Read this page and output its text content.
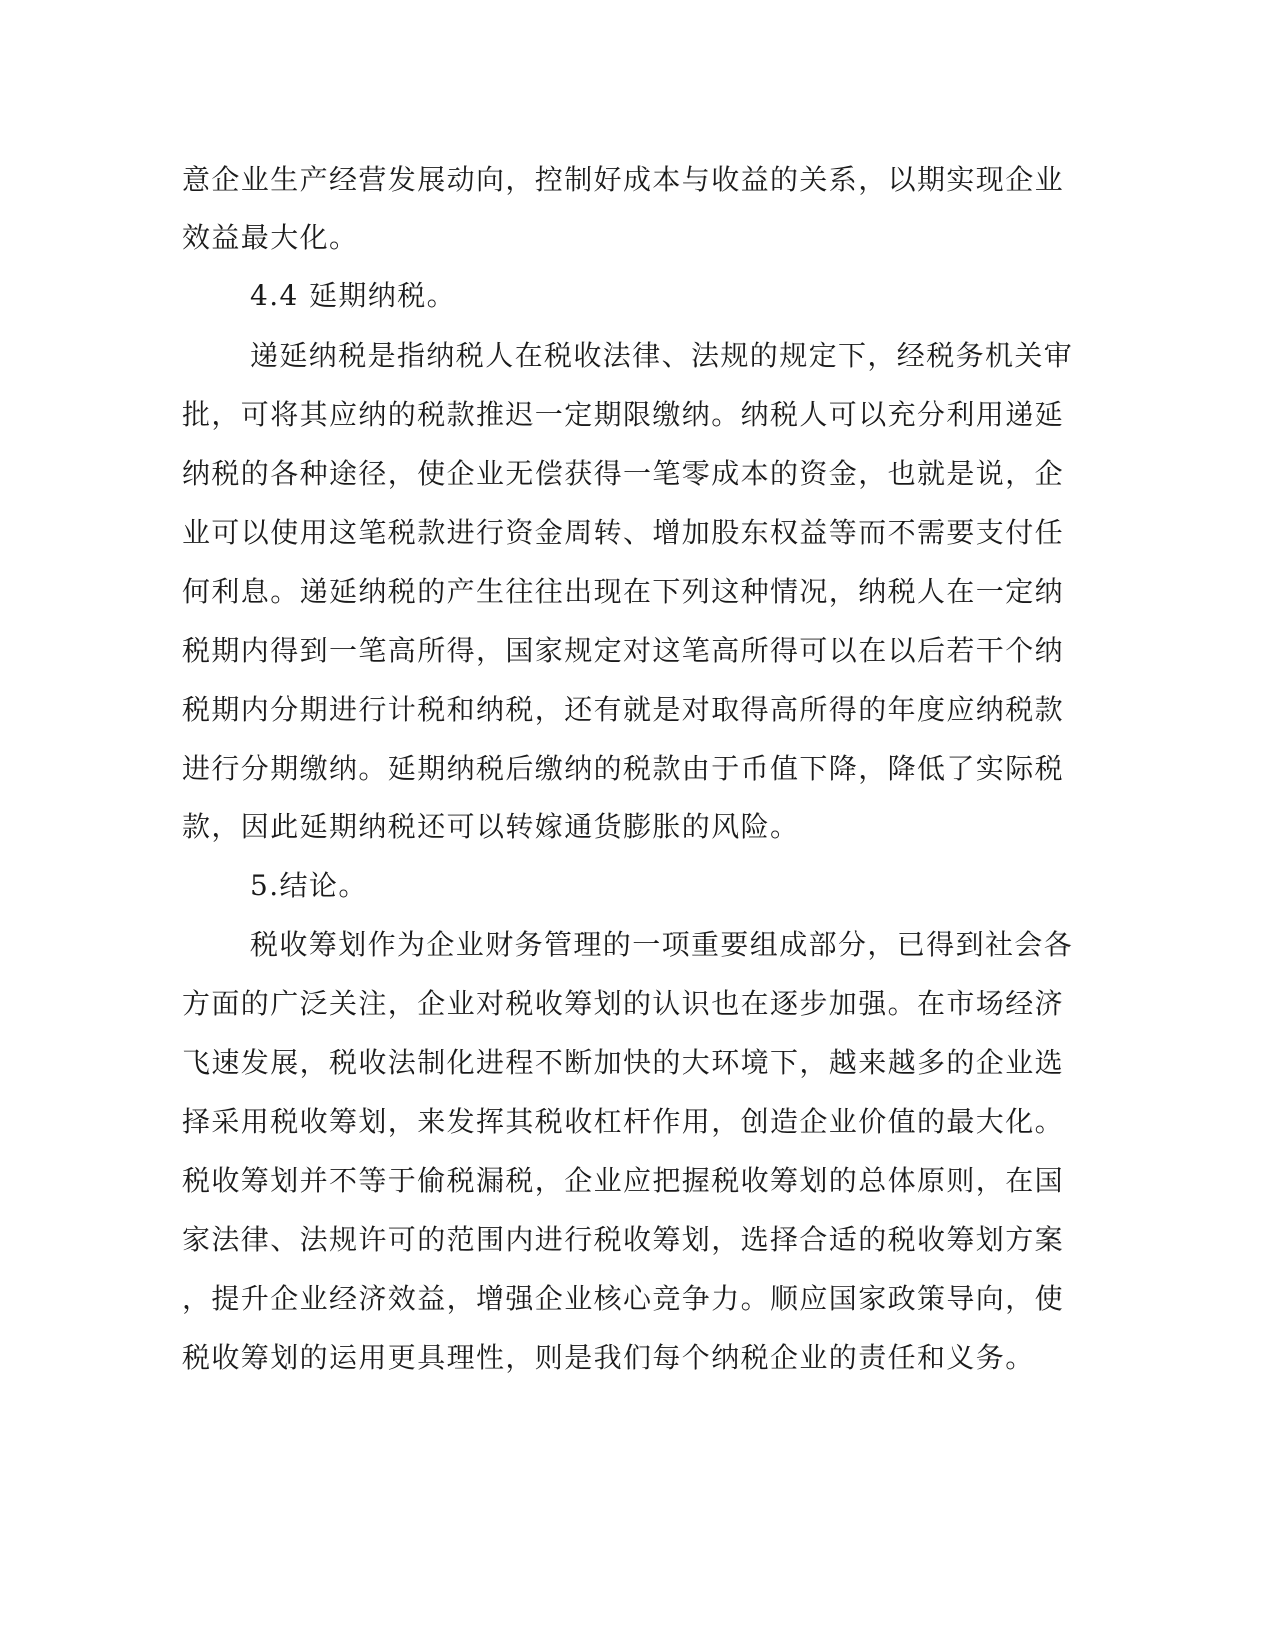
意企业生产经营发展动向，控制好成本与收益的关系，以期实现企业
效益最大化。
4.4 延期纳税。
递延纳税是指纳税人在税收法律、法规的规定下，经税务机关审
批，可将其应纳的税款推迟一定期限缴纳。纳税人可以充分利用递延
纳税的各种途径，使企业无偿获得一笔零成本的资金，也就是说，企
业可以使用这笔税款进行资金周转、增加股东权益等而不需要支付任
何利息。递延纳税的产生往往出现在下列这种情况，纳税人在一定纳
税期内得到一笔高所得，国家规定对这笔高所得可以在以后若干个纳
税期内分期进行计税和纳税，还有就是对取得高所得的年度应纳税款
进行分期缴纳。延期纳税后缴纳的税款由于币值下降，降低了实际税
款，因此延期纳税还可以转嫁通货膨胀的风险。
5.结论。
税收筹划作为企业财务管理的一项重要组成部分，已得到社会各
方面的广泛关注，企业对税收筹划的认识也在逐步加强。在市场经济
飞速发展，税收法制化进程不断加快的大环境下，越来越多的企业选
择采用税收筹划，来发挥其税收杠杆作用，创造企业价值的最大化。
税收筹划并不等于偷税漏税，企业应把握税收筹划的总体原则，在国
家法律、法规许可的范围内进行税收筹划，选择合适的税收筹划方案
，提升企业经济效益，增强企业核心竞争力。顺应国家政策导向，使
税收筹划的运用更具理性，则是我们每个纳税企业的责任和义务。
